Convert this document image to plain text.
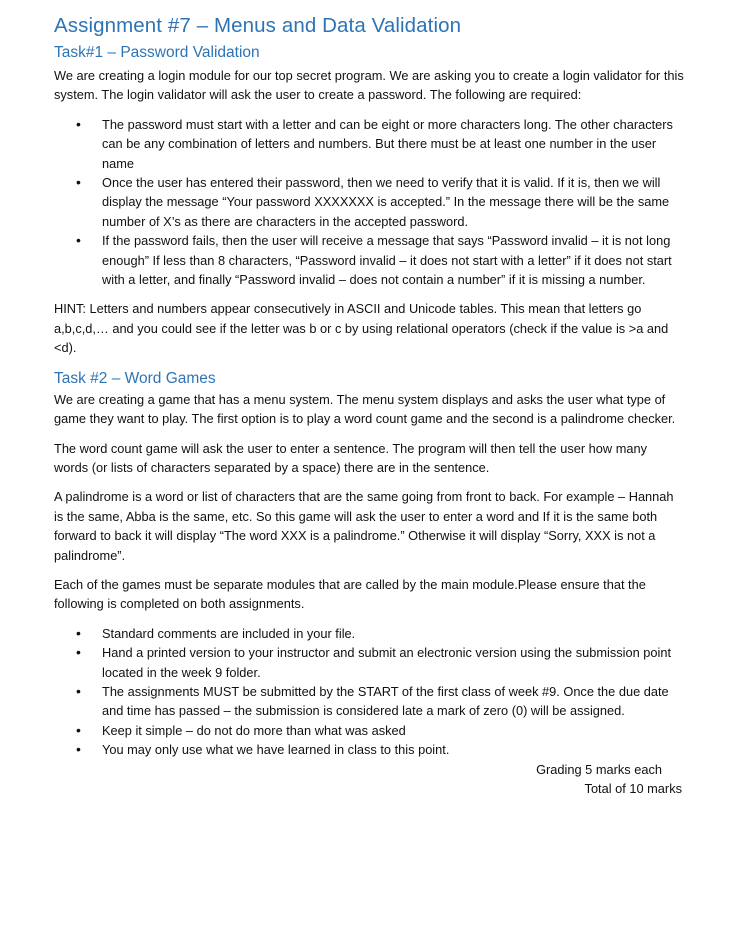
Assignment #7 – Menus and Data Validation
Task#1 – Password Validation

We are creating a login module for our top secret program. We are asking you to create a login validator for this system. The login validator will ask the user to create a password. The following are required:

• The password must start with a letter and can be eight or more characters long. The other characters can be any combination of letters and numbers. But there must be at least one number in the user name
• Once the user has entered their password, then we need to verify that it is valid. If it is, then we will display the message “Your password XXXXXXX is accepted.” In the message there will be the same number of X’s as there are characters in the accepted password.
• If the password fails, then the user will receive a message that says “Password invalid – it is not long enough” If less than 8 characters, “Password invalid – it does not start with a letter” if it does not start with a letter, and finally “Password invalid – does not contain a number” if it is missing a number.

HINT: Letters and numbers appear consecutively in ASCII and Unicode tables. This mean that letters go a,b,c,d,… and you could see if the letter was b or c by using relational operators (check if the value is >a and <d).

Task #2 – Word Games

We are creating a game that has a menu system. The menu system displays and asks the user what type of game they want to play. The first option is to play a word count game and the second is a palindrome checker.

The word count game will ask the user to enter a sentence. The program will then tell the user how many words (or lists of characters separated by a space) there are in the sentence.

A palindrome is a word or list of characters that are the same going from front to back. For example – Hannah is the same, Abba is the same, etc. So this game will ask the user to enter a word and If it is the same both forward to back it will display “The word XXX is a palindrome.” Otherwise it will display “Sorry, XXX is not a palindrome”.

Each of the games must be separate modules that are called by the main module.Please ensure that the following is completed on both assignments.

• Standard comments are included in your file.
• Hand a printed version to your instructor and submit an electronic version using the submission point located in the week 9 folder.
• The assignments MUST be submitted by the START of the first class of week #9. Once the due date and time has passed – the submission is considered late a mark of zero (0) will be assigned.
• Keep it simple – do not do more than what was asked
• You may only use what we have learned in class to this point.

Grading 5 marks each

Total of 10 marks
